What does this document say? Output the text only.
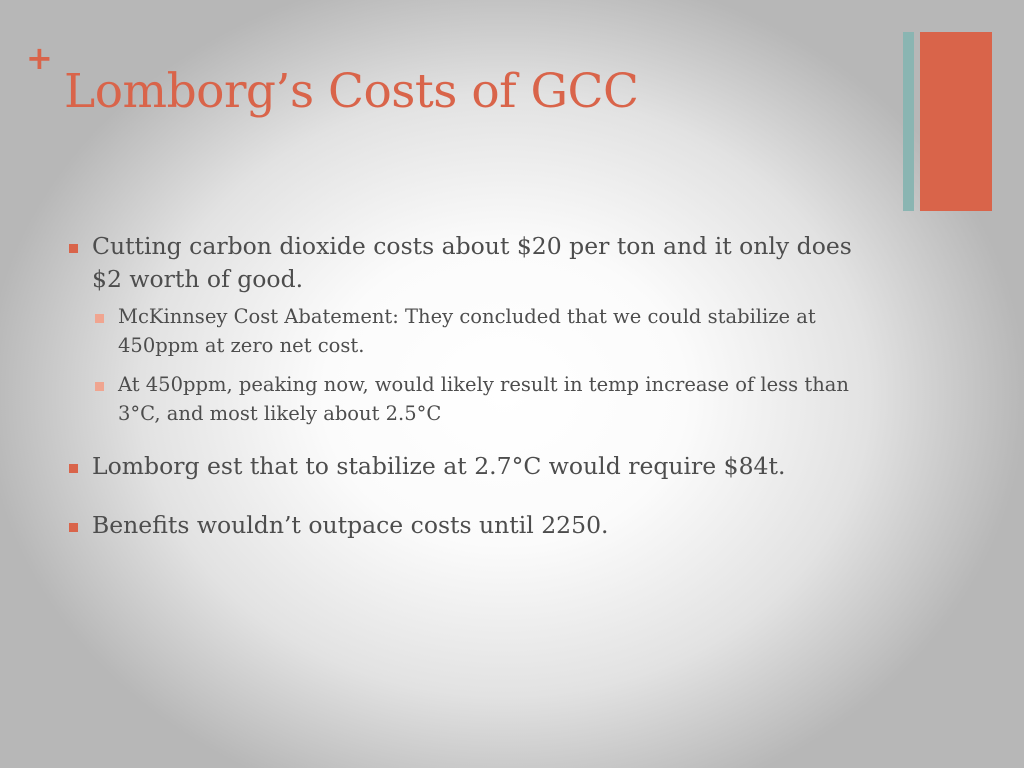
+
Lomborg’s Costs of GCC
Cutting carbon dioxide costs about $20 per ton and it only does $2 worth of good.
McKinnsey Cost Abatement: They concluded that we could stabilize at 450ppm at zero net cost.
At 450ppm, peaking now, would likely result in temp increase of less than 3°C, and most likely about 2.5°C
Lomborg est that to stabilize at 2.7°C would require $84t.
Benefits wouldn’t outpace costs until 2250.
